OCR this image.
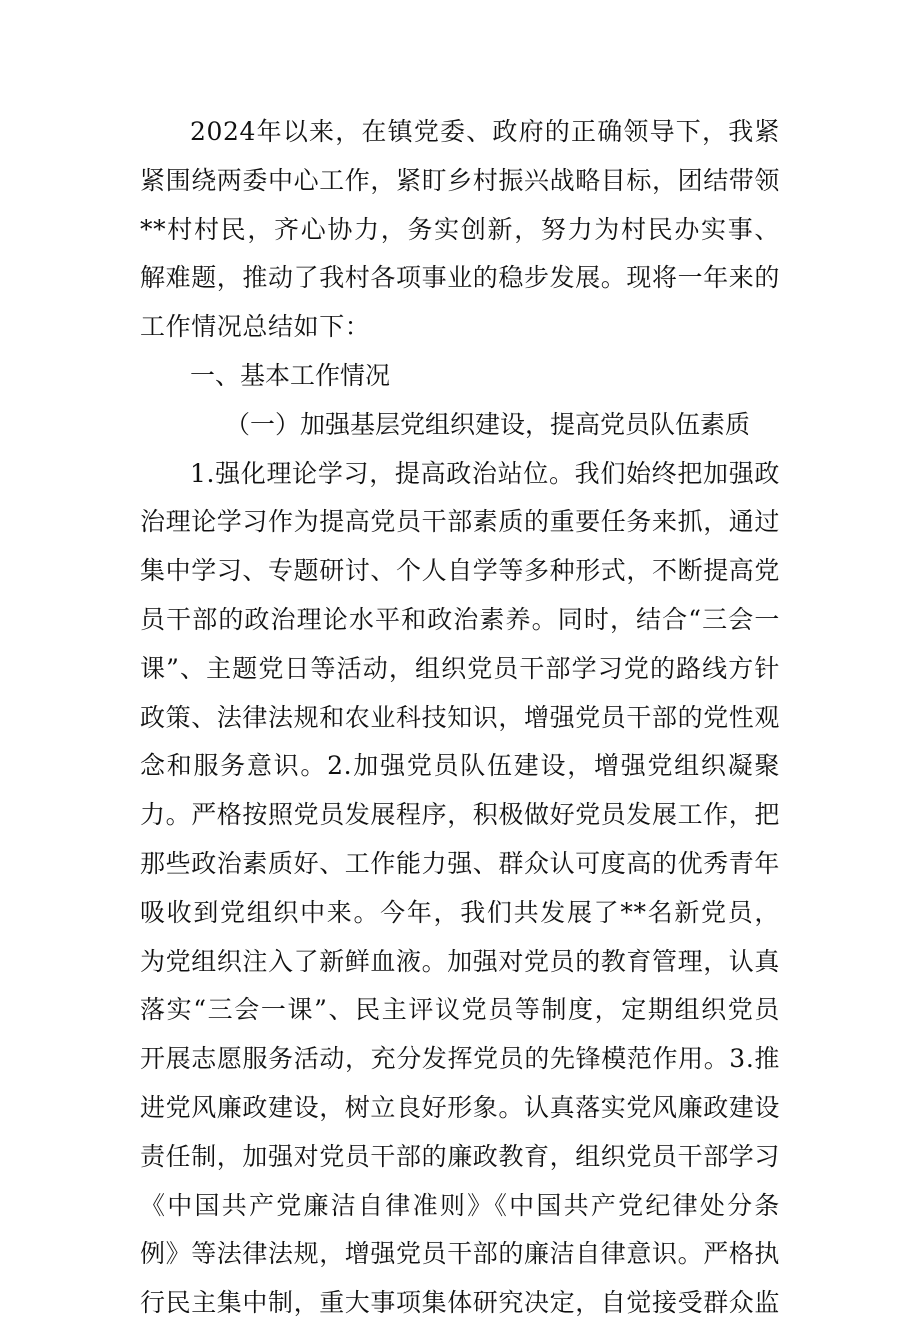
2024年以来，在镇党委、政府的正确领导下，我紧紧围绕两委中心工作，紧盯乡村振兴战略目标，团结带领**村村民，齐心协力，务实创新，努力为村民办实事、解难题，推动了我村各项事业的稳步发展。现将一年来的工作情况总结如下：

一、基本工作情况

（一）加强基层党组织建设，提高党员队伍素质

1.强化理论学习，提高政治站位。我们始终把加强政治理论学习作为提高党员干部素质的重要任务来抓，通过集中学习、专题研讨、个人自学等多种形式，不断提高党员干部的政治理论水平和政治素养。同时，结合“三会一课”、主题党日等活动，组织党员干部学习党的路线方针政策、法律法规和农业科技知识，增强党员干部的党性观念和服务意识。2.加强党员队伍建设，增强党组织凝聚力。严格按照党员发展程序，积极做好党员发展工作，把那些政治素质好、工作能力强、群众认可度高的优秀青年吸收到党组织中来。今年，我们共发展了**名新党员，为党组织注入了新鲜血液。加强对党员的教育管理，认真落实“三会一课”、民主评议党员等制度，定期组织党员开展志愿服务活动，充分发挥党员的先锋模范作用。3.推进党风廉政建设，树立良好形象。认真落实党风廉政建设责任制，加强对党员干部的廉政教育，组织党员干部学习《中国共产党廉洁自律准则》《中国共产党纪律处分条例》等法律法规，增强党员干部的廉洁自律意识。严格执行民主集中制，重大事项集体研究决定，自觉接受群众监
